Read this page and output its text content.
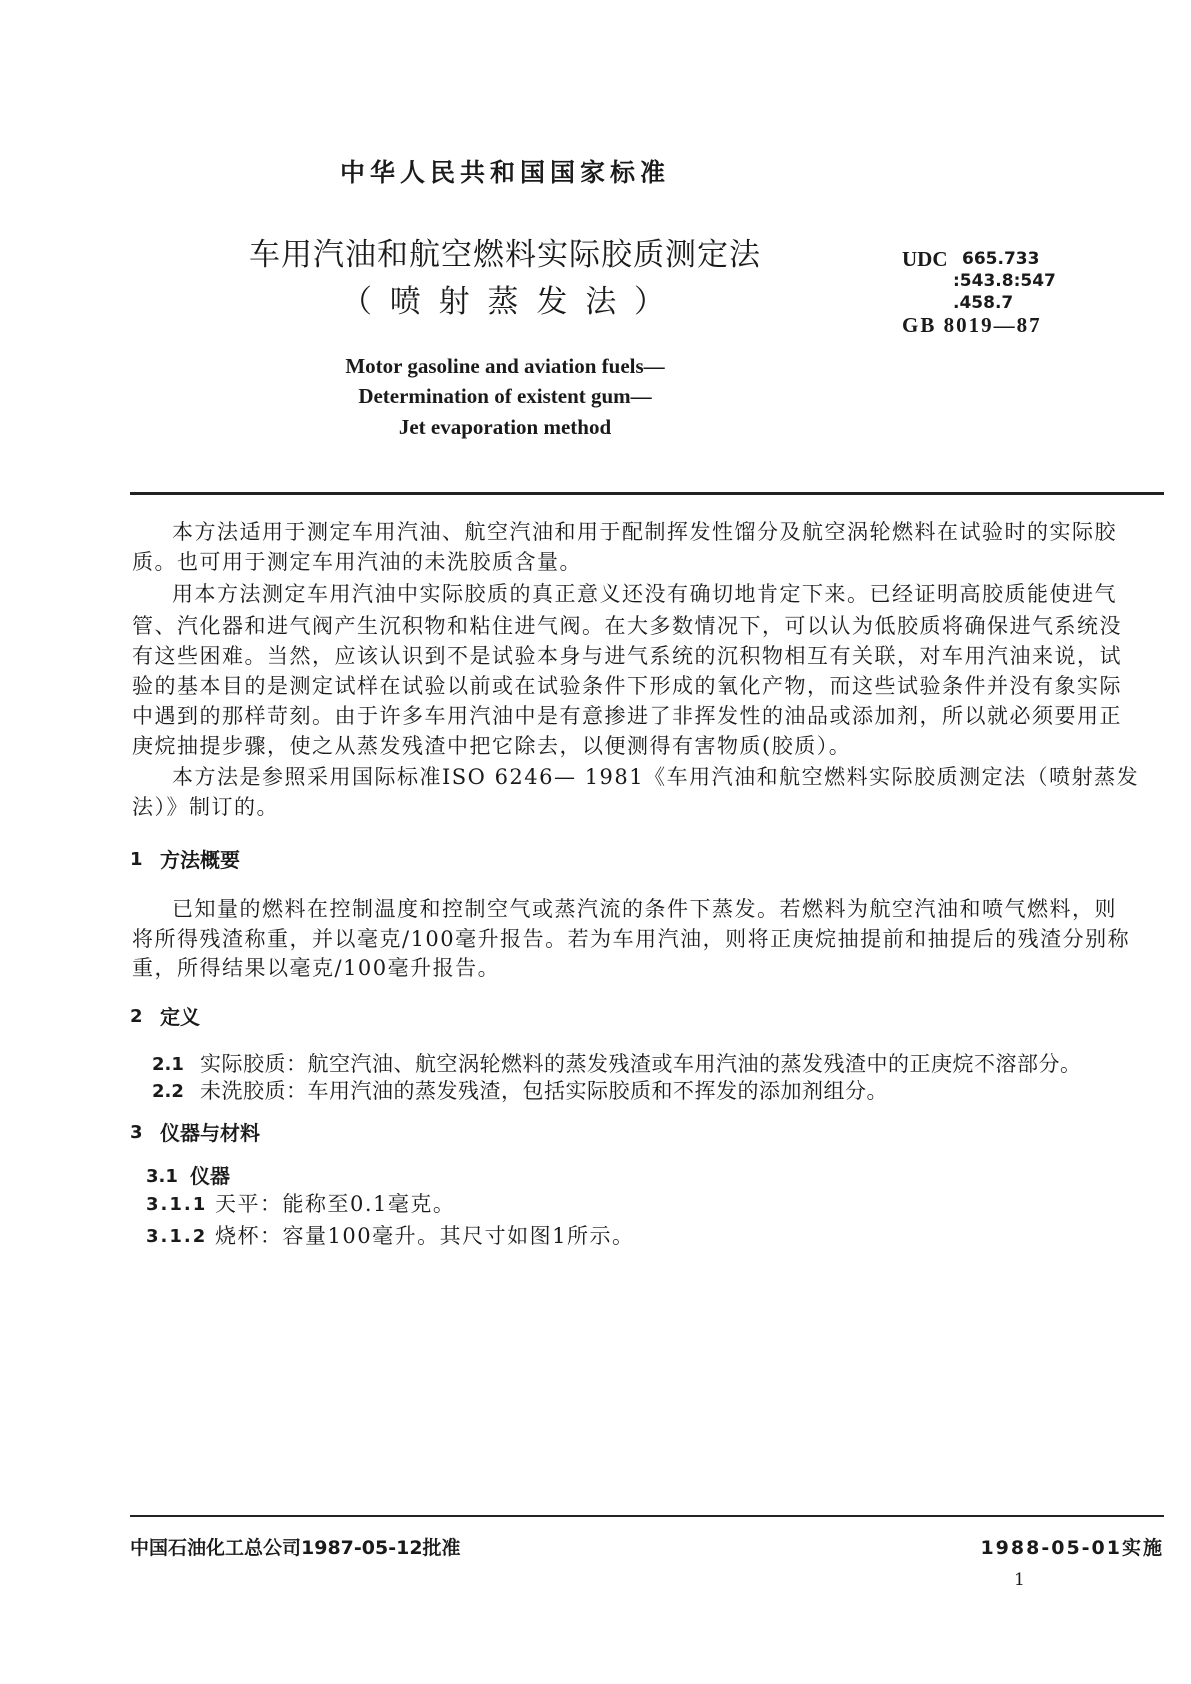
中华人民共和国国家标准
车用汽油和航空燃料实际胶质测定法
（ 喷 射 蒸 发 法 ）
UDC 665.733
:543.8:547
.458.7
GB 8019—87
Motor gasoline and aviation fuels—
Determination of existent gum—
Jet evaporation method
本方法适用于测定车用汽油、航空汽油和用于配制挥发性馏分及航空涡轮燃料在试验时的实际胶
质。也可用于测定车用汽油的未洗胶质含量。
用本方法测定车用汽油中实际胶质的真正意义还没有确切地肯定下来。已经证明高胶质能使进气
管、汽化器和进气阀产生沉积物和粘住进气阀。在大多数情况下，可以认为低胶质将确保进气系统没
有这些困难。当然，应该认识到不是试验本身与进气系统的沉积物相互有关联，对车用汽油来说，试
验的基本目的是测定试样在试验以前或在试验条件下形成的氧化产物，而这些试验条件并没有象实际
中遇到的那样苛刻。由于许多车用汽油中是有意掺进了非挥发性的油品或添加剂，所以就必须要用正
庚烷抽提步骤，使之从蒸发残渣中把它除去，以便测得有害物质(胶质）。
本方法是参照采用国际标准ISO 6246— 1981《车用汽油和航空燃料实际胶质测定法（喷射蒸发
法）》制订的。
1 方法概要
已知量的燃料在控制温度和控制空气或蒸汽流的条件下蒸发。若燃料为航空汽油和喷气燃料，则
将所得残渣称重，并以毫克/100毫升报告。若为车用汽油，则将正庚烷抽提前和抽提后的残渣分别称
重，所得结果以毫克/100毫升报告。
2 定义
2.1 实际胶质：航空汽油、航空涡轮燃料的蒸发残渣或车用汽油的蒸发残渣中的正庚烷不溶部分。
2.2 未洗胶质：车用汽油的蒸发残渣，包括实际胶质和不挥发的添加剂组分。
3 仪器与材料
3.1 仪器
3.1.1 天平：能称至0.1毫克。
3.1.2 烧杯：容量100毫升。其尺寸如图1所示。
中国石油化工总公司1987-05-12批准	1988-05-01实施
1
